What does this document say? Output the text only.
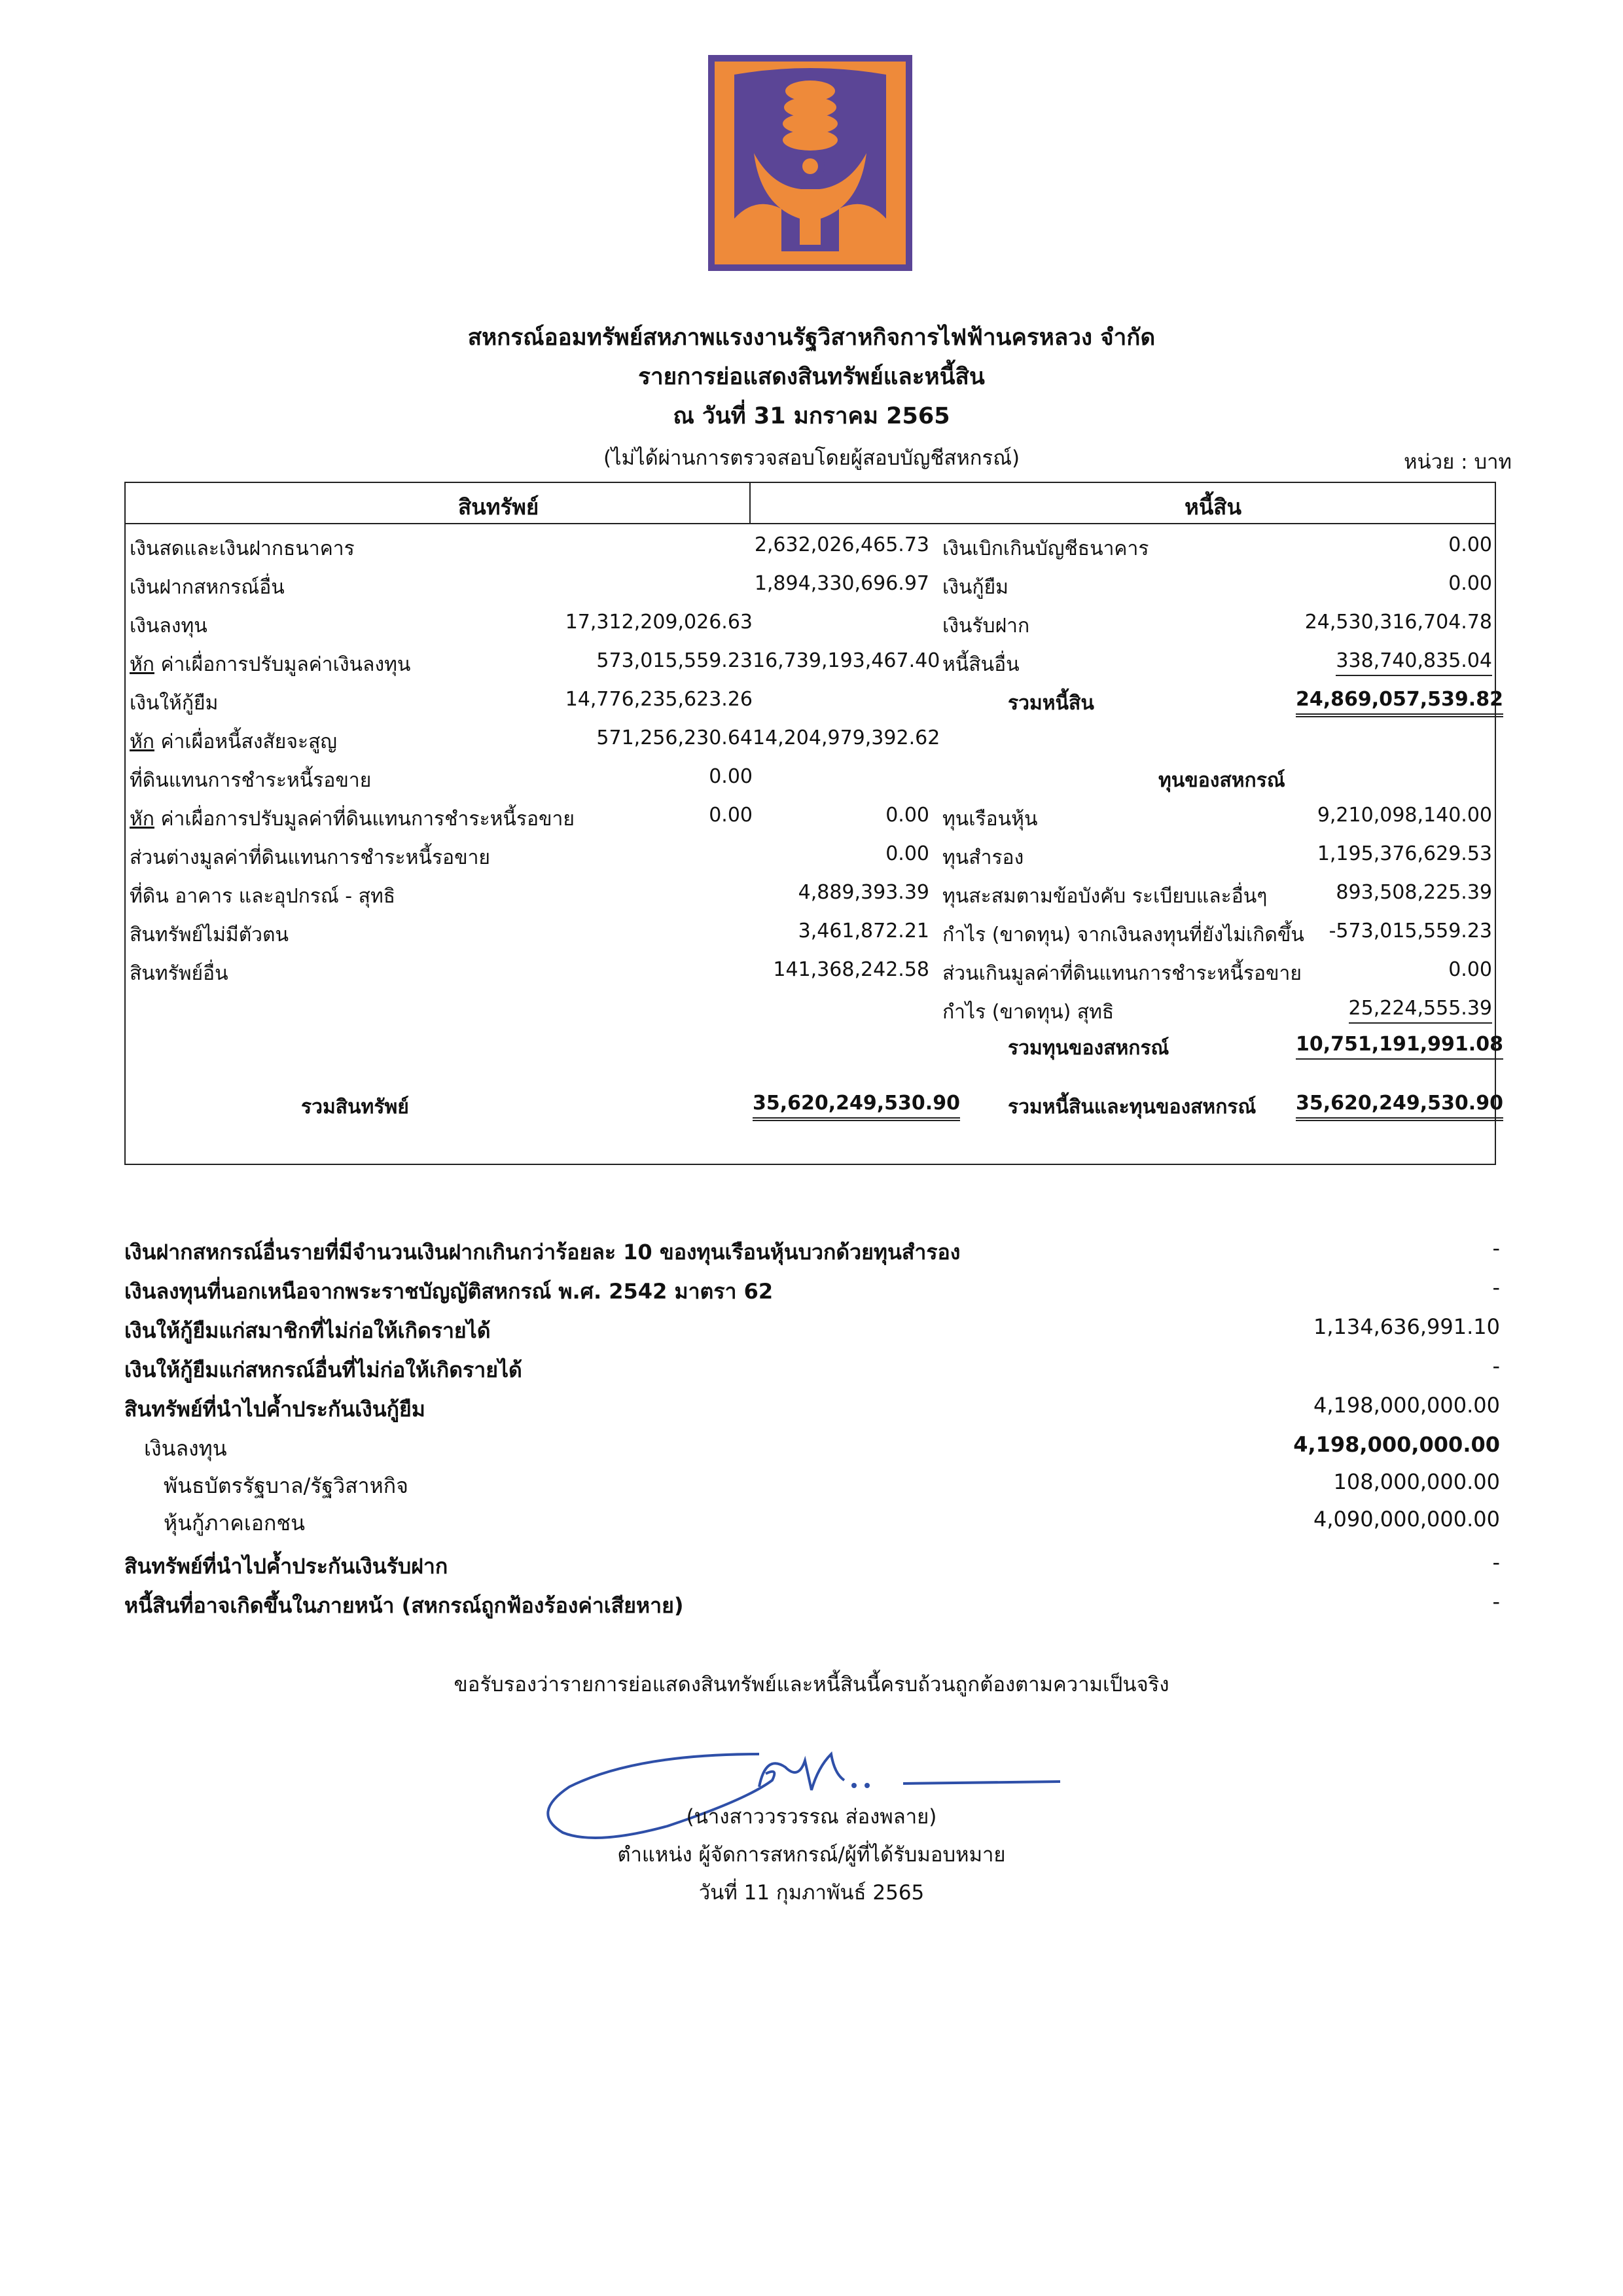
สหกรณ์ออมทรัพย์สหภาพแรงงานรัฐวิสาหกิจการไฟฟ้านครหลวง จำกัด
รายการย่อแสดงสินทรัพย์และหนี้สิน
ณ วันที่ 31 มกราคม 2565
(ไม่ได้ผ่านการตรวจสอบโดยผู้สอบบัญชีสหกรณ์)	หน่วย : บาท
สินทรัพย์	หนี้สิน
เงินสดและเงินฝากธนาคาร	2,632,026,465.73
เงินฝากสหกรณ์อื่น	1,894,330,696.97
เงินลงทุน	17,312,209,026.63
หัก ค่าเผื่อการปรับมูลค่าเงินลงทุน	573,015,559.23 16,739,193,467.40
เงินให้กู้ยืม	14,776,235,623.26
หัก ค่าเผื่อหนี้สงสัยจะสูญ	571,256,230.64 14,204,979,392.62
ที่ดินแทนการชำระหนี้รอขาย	0.00
หัก ค่าเผื่อการปรับมูลค่าที่ดินแทนการชำระหนี้รอขาย	0.00	0.00
ส่วนต่างมูลค่าที่ดินแทนการชำระหนี้รอขาย	0.00
ที่ดิน อาคาร และอุปกรณ์ - สุทธิ	4,889,393.39
สินทรัพย์ไม่มีตัวตน	3,461,872.21
สินทรัพย์อื่น	141,368,242.58
เงินเบิกเกินบัญชีธนาคาร	0.00
เงินกู้ยืม	0.00
เงินรับฝาก	24,530,316,704.78
หนี้สินอื่น	338,740,835.04
รวมหนี้สิน	24,869,057,539.82
ทุนของสหกรณ์
ทุนเรือนหุ้น	9,210,098,140.00
ทุนสำรอง	1,195,376,629.53
ทุนสะสมตามข้อบังคับ ระเบียบและอื่นๆ	893,508,225.39
กำไร (ขาดทุน) จากเงินลงทุนที่ยังไม่เกิดขึ้น	-573,015,559.23
ส่วนเกินมูลค่าที่ดินแทนการชำระหนี้รอขาย	0.00
กำไร (ขาดทุน) สุทธิ	25,224,555.39
รวมทุนของสหกรณ์	10,751,191,991.08
รวมหนี้สินและทุนของสหกรณ์ 35,620,249,530.90
รวมสินทรัพย์	35,620,249,530.90
เงินฝากสหกรณ์อื่นรายที่มีจำนวนเงินฝากเกินกว่าร้อยละ 10 ของทุนเรือนหุ้นบวกด้วยทุนสำรอง	-
เงินลงทุนที่นอกเหนือจากพระราชบัญญัติสหกรณ์ พ.ศ. 2542 มาตรา 62	-
เงินให้กู้ยืมแก่สมาชิกที่ไม่ก่อให้เกิดรายได้	1,134,636,991.10
เงินให้กู้ยืมแก่สหกรณ์อื่นที่ไม่ก่อให้เกิดรายได้	-
สินทรัพย์ที่นำไปค้ำประกันเงินกู้ยืม	4,198,000,000.00
เงินลงทุน	4,198,000,000.00
พันธบัตรรัฐบาล/รัฐวิสาหกิจ	108,000,000.00
หุ้นกู้ภาคเอกชน	4,090,000,000.00
สินทรัพย์ที่นำไปค้ำประกันเงินรับฝาก	-
หนี้สินที่อาจเกิดขึ้นในภายหน้า (สหกรณ์ถูกฟ้องร้องค่าเสียหาย)	-
ขอรับรองว่ารายการย่อแสดงสินทรัพย์และหนี้สินนี้ครบถ้วนถูกต้องตามความเป็นจริง
(นางสาววรวรรณ ส่องพลาย)
ตำแหน่ง ผู้จัดการสหกรณ์/ผู้ที่ได้รับมอบหมาย
วันที่ 11 กุมภาพันธ์ 2565
